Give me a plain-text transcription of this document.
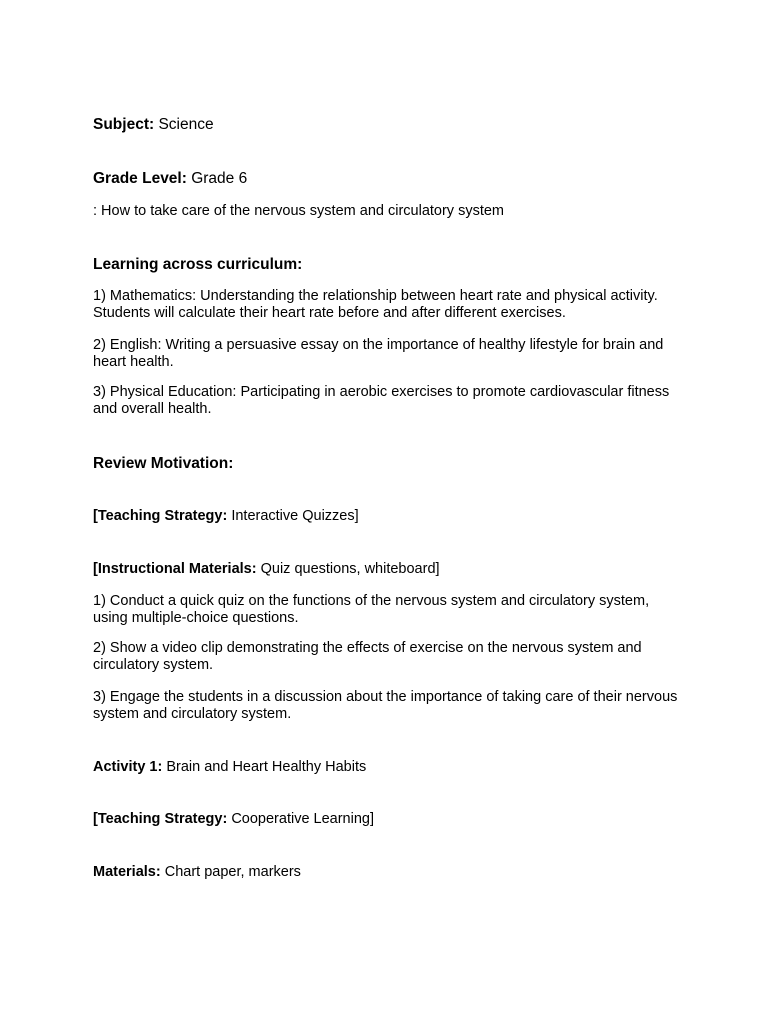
Subject: Science

Grade Level: Grade 6

: How to take care of the nervous system and circulatory system

Learning across curriculum:

1) Mathematics: Understanding the relationship between heart rate and physical activity. Students will calculate their heart rate before and after different exercises.

2) English: Writing a persuasive essay on the importance of healthy lifestyle for brain and heart health.

3) Physical Education: Participating in aerobic exercises to promote cardiovascular fitness and overall health.

Review Motivation:

[Teaching Strategy: Interactive Quizzes]

[Instructional Materials: Quiz questions, whiteboard]

1) Conduct a quick quiz on the functions of the nervous system and circulatory system, using multiple-choice questions.

2) Show a video clip demonstrating the effects of exercise on the nervous system and circulatory system.

3) Engage the students in a discussion about the importance of taking care of their nervous system and circulatory system.

Activity 1: Brain and Heart Healthy Habits

[Teaching Strategy: Cooperative Learning]

Materials: Chart paper, markers
